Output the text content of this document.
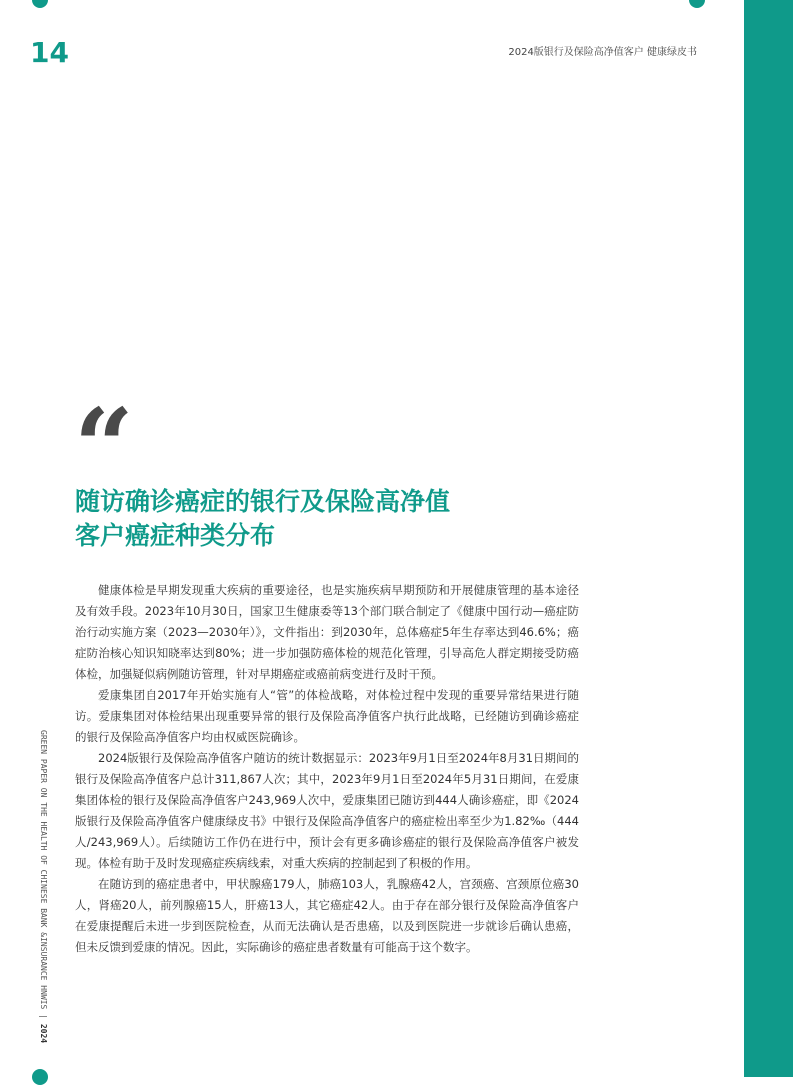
14	2024版银行及保险高净值客户 健康绿皮书
“
随访确诊癌症的银行及保险高净值
客户癌症种类分布
GREEN PAPER ON THE HEALTH OF CHINESE BANK &INSURANCE HNWIS | 2024

健康体检是早期发现重大疾病的重要途径，也是实施疾病早期预防和开展健康管理的基本途径及有效手段。2023年10月30日，国家卫生健康委等13个部门联合制定了《健康中国行动—癌症防治行动实施方案（2023—2030年）》，文件指出：到2030年，总体癌症5年生存率达到46.6%；癌症防治核心知识知晓率达到80%；进一步加强防癌体检的规范化管理，引导高危人群定期接受防癌体检，加强疑似病例随访管理，针对早期癌症或癌前病变进行及时干预。

爱康集团自2017年开始实施有人“管”的体检战略，对体检过程中发现的重要异常结果进行随访。爱康集团对体检结果出现重要异常的银行及保险高净值客户执行此战略，已经随访到确诊癌症的银行及保险高净值客户均由权威医院确诊。

2024版银行及保险高净值客户随访的统计数据显示：2023年9月1日至2024年8月31日期间的银行及保险高净值客户总计311,867人次；其中，2023年9月1日至2024年5月31日期间，在爱康集团体检的银行及保险高净值客户243,969人次中，爱康集团已随访到444人确诊癌症，即《2024版银行及保险高净值客户健康绿皮书》中银行及保险高净值客户的癌症检出率至少为1.82‰（444人/243,969人）。后续随访工作仍在进行中，预计会有更多确诊癌症的银行及保险高净值客户被发现。体检有助于及时发现癌症疾病线索，对重大疾病的控制起到了积极的作用。

在随访到的癌症患者中，甲状腺癌179人，肺癌103人，乳腺癌42人，宫颈癌、宫颈原位癌30人，肾癌20人，前列腺癌15人，肝癌13人，其它癌症42人。由于存在部分银行及保险高净值客户在爱康提醒后未进一步到医院检查，从而无法确认是否患癌，以及到医院进一步就诊后确认患癌，但未反馈到爱康的情况。因此，实际确诊的癌症患者数量有可能高于这个数字。
